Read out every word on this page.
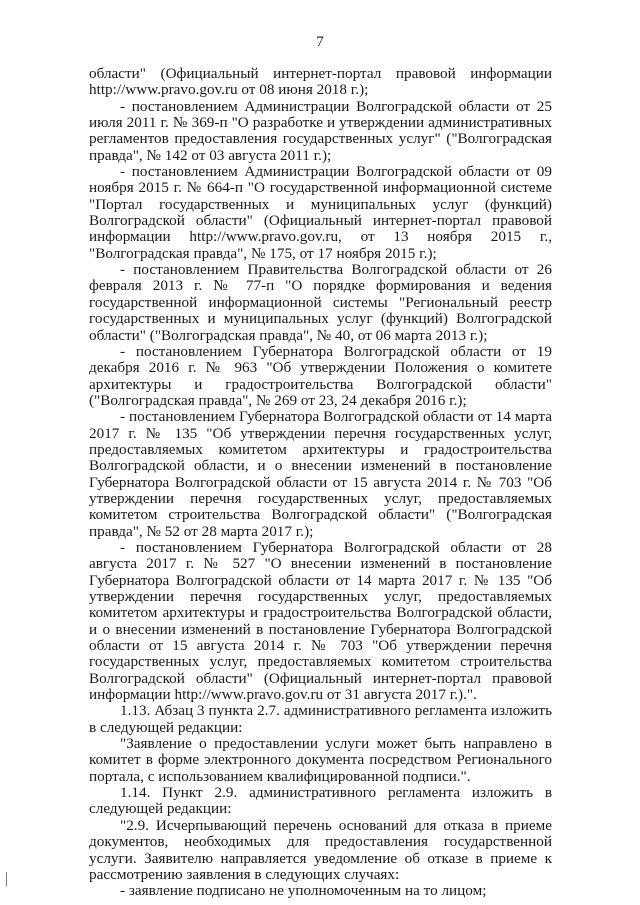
7

области" (Официальный интернет-портал правовой информации http://www.pravo.gov.ru от 08 июня 2018 г.);

- постановлением Администрации Волгоградской области от 25 июля 2011 г. № 369-п "О разработке и утверждении административных регламентов предоставления государственных услуг" ("Волгоградская правда", № 142 от 03 августа 2011 г.);

- постановлением Администрации Волгоградской области от 09 ноября 2015 г. № 664-п "О государственной информационной системе "Портал государственных и муниципальных услуг (функций) Волгоградской области" (Официальный интернет-портал правовой информации http://www.pravo.gov.ru, от 13 ноября 2015 г., "Волгоградская правда", № 175, от 17 ноября 2015 г.);

- постановлением Правительства Волгоградской области от 26 февраля 2013 г. № 77-п "О порядке формирования и ведения государственной информационной системы "Региональный реестр государственных и муниципальных услуг (функций) Волгоградской области" ("Волгоградская правда", № 40, от 06 марта 2013 г.);

- постановлением Губернатора Волгоградской области от 19 декабря 2016 г. № 963 "Об утверждении Положения о комитете архитектуры и градостроительства Волгоградской области" ("Волгоградская правда", № 269 от 23, 24 декабря 2016 г.);

- постановлением Губернатора Волгоградской области от 14 марта 2017 г. № 135 "Об утверждении перечня государственных услуг, предоставляемых комитетом архитектуры и градостроительства Волгоградской области, и о внесении изменений в постановление Губернатора Волгоградской области от 15 августа 2014 г. № 703 "Об утверждении перечня государственных услуг, предоставляемых комитетом строительства Волгоградской области" ("Волгоградская правда", № 52 от 28 марта 2017 г.);

- постановлением Губернатора Волгоградской области от 28 августа 2017 г. № 527 "О внесении изменений в постановление Губернатора Волгоградской области от 14 марта 2017 г. № 135 "Об утверждении перечня государственных услуг, предоставляемых комитетом архитектуры и градостроительства Волгоградской области, и о внесении изменений в постановление Губернатора Волгоградской области от 15 августа 2014 г. № 703 "Об утверждении перечня государственных услуг, предоставляемых комитетом строительства Волгоградской области" (Официальный интернет-портал правовой информации http://www.pravo.gov.ru от 31 августа 2017 г.).".

1.13. Абзац 3 пункта 2.7. административного регламента изложить в следующей редакции:

"Заявление о предоставлении услуги может быть направлено в комитет в форме электронного документа посредством Регионального портала, с использованием квалифицированной подписи.".

1.14. Пункт 2.9. административного регламента изложить в следующей редакции:

"2.9. Исчерпывающий перечень оснований для отказа в приеме документов, необходимых для предоставления государственной услуги. Заявителю направляется уведомление об отказе в приеме к рассмотрению заявления в следующих случаях:

- заявление подписано не уполномоченным на то лицом;
